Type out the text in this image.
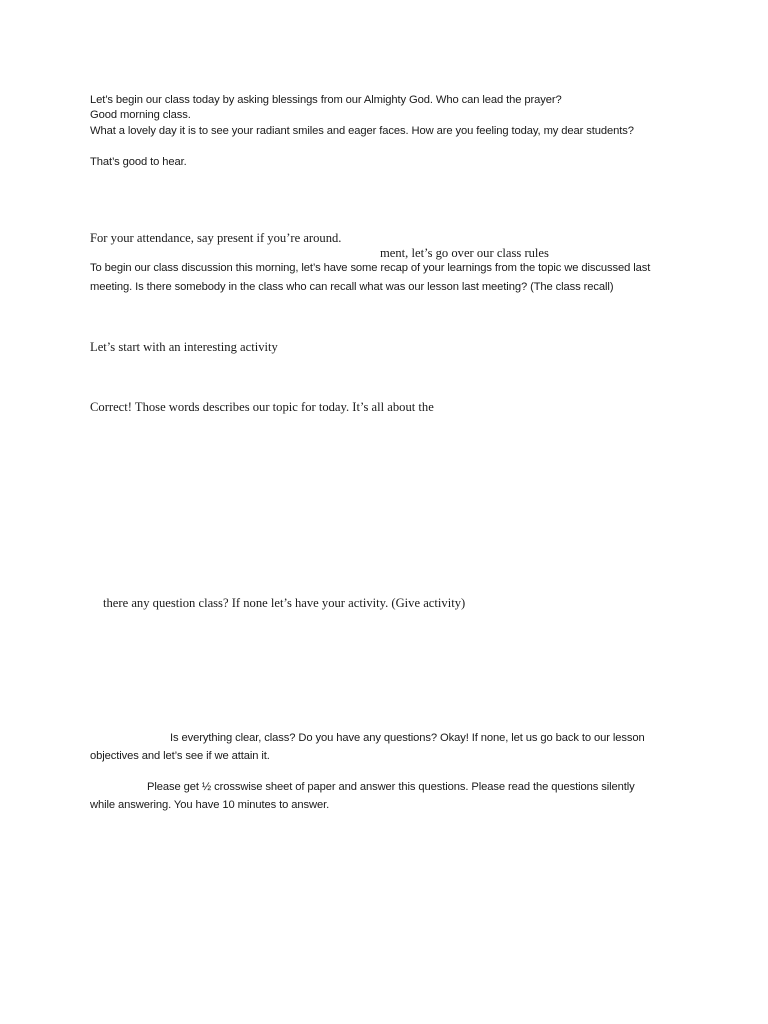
Let’s begin our class today by asking blessings from our Almighty God. Who can lead the prayer?

Good morning class.

What a lovely day it is to see your radiant smiles and eager faces. How are you feeling today, my dear students?

That’s good to hear.

For your attendance, say present if you’re around.

ment, let’s go over our class rules

To begin our class discussion this morning, let’s have some recap of your learnings from the topic we discussed last

meeting. Is there somebody in the class who can recall what was our lesson last meeting? (The class recall)

Let’s start with an interesting activity

Correct! Those words describes our topic for today. It’s all about the

there any question class? If none let’s have your activity. (Give activity)

Is everything clear, class? Do you have any questions? Okay! If none, let us go back to our lesson

objectives and let’s see if we attain it.

Please get ½ crosswise sheet of paper and answer this questions. Please read the questions silently

while answering. You have 10 minutes to answer.
